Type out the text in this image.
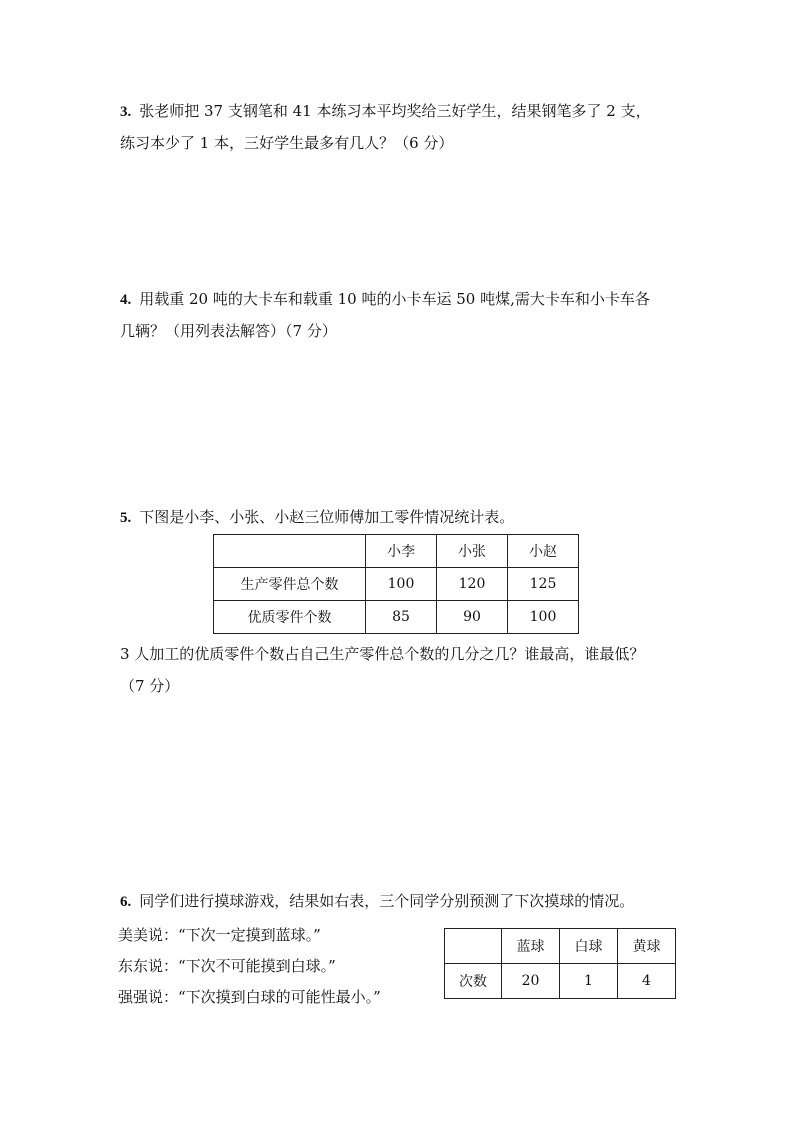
3. 张老师把 37 支钢笔和 41 本练习本平均奖给三好学生，结果钢笔多了 2 支，
练习本少了 1 本，三好学生最多有几人？（6 分）
4. 用载重 20 吨的大卡车和载重 10 吨的小卡车运 50 吨煤,需大卡车和小卡车各
几辆？（用列表法解答）（7 分）
5. 下图是小李、小张、小赵三位师傅加工零件情况统计表。
	小李	小张	小赵
生产零件总个数	100	120	125
优质零件个数	85	90	100
3 人加工的优质零件个数占自己生产零件总个数的几分之几？谁最高，谁最低？
（7 分）
6. 同学们进行摸球游戏，结果如右表，三个同学分别预测了下次摸球的情况。
美美说：“下次一定摸到蓝球。”
东东说：“下次不可能摸到白球。”
强强说：“下次摸到白球的可能性最小。”
	蓝球	白球	黄球
次数	20	1	4
